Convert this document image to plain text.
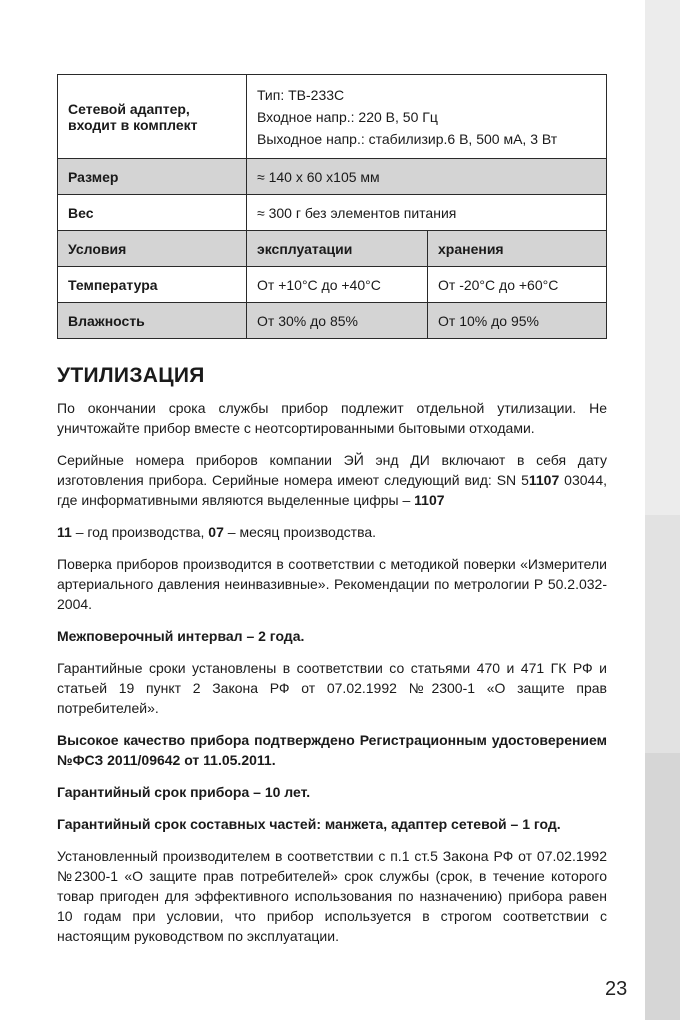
Сетевой адаптер, входит в комплект	Тип: ТВ-233С
Входное напр.: 220 В, 50 Гц
Выходное напр.: стабилизир.6 В, 500 мА, 3 Вт	

Размер	≈ 140 х 60 х105 мм	
Вес	≈ 300 г без элементов питания	
Условия	эксплуатации	хранения
Температура	От +10°С до +40°С	От -20°С до +60°С
Влажность	От 30% до 85%	От 10% до 95%
УТИЛИЗАЦИЯ

По окончании срока службы прибор подлежит отдельной утилизации. Не уничтожайте прибор вместе с неотсортированными бытовыми отходами.

Серийные номера приборов компании ЭЙ энд ДИ включают в себя дату изготовления прибора. Серийные номера имеют следующий вид: SN 51107 03044, где информативными являются выделенные цифры – 1107

11 – год производства, 07 – месяц производства.

Поверка приборов производится в соответствии с методикой поверки «Измерители артериального давления неинвазивные». Рекомендации по метрологии Р 50.2.032-2004.

Межповерочный интервал – 2 года.

Гарантийные сроки установлены в соответствии со статьями 470 и 471 ГК РФ и статьей 19 пункт 2 Закона РФ от 07.02.1992 №2300-1 «О защите прав потребителей».

Высокое качество прибора подтверждено Регистрационным удостоверением №ФСЗ 2011/09642 от 11.05.2011.

Гарантийный срок прибора – 10 лет.

Гарантийный срок составных частей: манжета, адаптер сетевой – 1 год.

Установленный производителем в соответствии с п.1 ст.5 Закона РФ от 07.02.1992 №2300-1 «О защите прав потребителей» срок службы (срок, в течение которого товар пригоден для эффективного использования по назначению) прибора равен 10 годам при условии, что прибор используется в строгом соответствии с настоящим руководством по эксплуатации.

23
